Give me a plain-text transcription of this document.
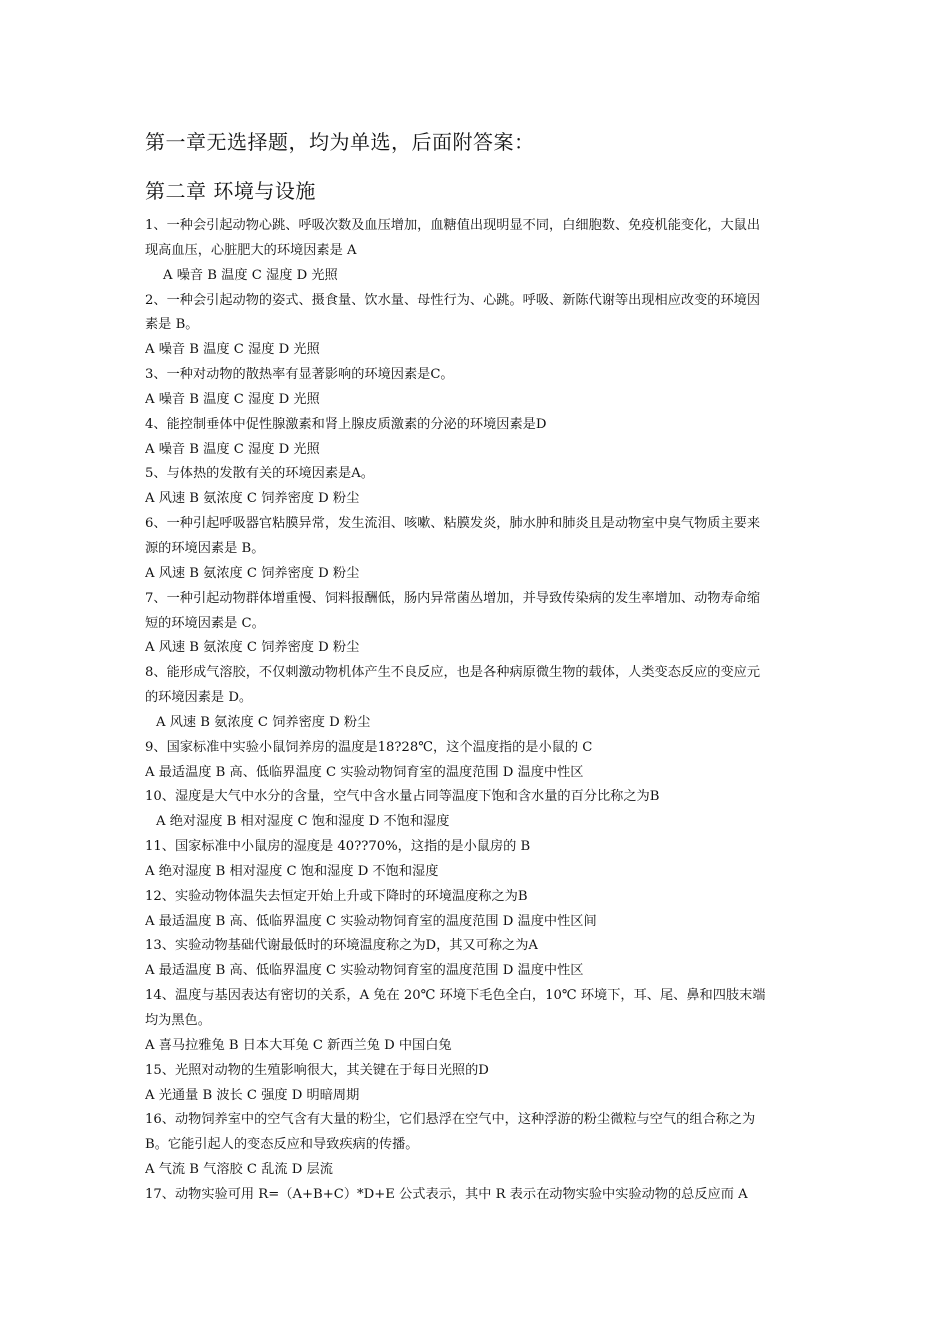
第一章无选择题，均为单选，后面附答案：
第二章 环境与设施
1、一种会引起动物心跳、呼吸次数及血压增加，血糖值出现明显不同，白细胞数、免疫机能变化，大鼠出
现高血压，心脏肥大的环境因素是 A
A 噪音 B 温度 C 湿度 D 光照
2、一种会引起动物的姿式、摄食量、饮水量、母性行为、心跳。呼吸、新陈代谢等出现相应改变的环境因
素是 B。
A 噪音 B 温度 C 湿度 D 光照
3、一种对动物的散热率有显著影响的环境因素是C。
A 噪音 B 温度 C 湿度 D 光照
4、能控制垂体中促性腺激素和肾上腺皮质激素的分泌的环境因素是D
A 噪音 B 温度 C 湿度 D 光照
5、与体热的发散有关的环境因素是A。
A 风速 B 氨浓度 C 饲养密度 D 粉尘
6、一种引起呼吸器官粘膜异常，发生流泪、咳嗽、粘膜发炎，肺水肿和肺炎且是动物室中臭气物质主要来
源的环境因素是 B。
A 风速 B 氨浓度 C 饲养密度 D 粉尘
7、一种引起动物群体增重慢、饲料报酬低，肠内异常菌丛增加，并导致传染病的发生率增加、动物寿命缩
短的环境因素是 C。
A 风速 B 氨浓度 C 饲养密度 D 粉尘
8、能形成气溶胶，不仅刺激动物机体产生不良反应，也是各种病原微生物的载体，人类变态反应的变应元
的环境因素是 D。
A 风速 B 氨浓度 C 饲养密度 D 粉尘
9、国家标准中实验小鼠饲养房的温度是18?28℃，这个温度指的是小鼠的 C
A 最适温度 B 高、低临界温度 C 实验动物饲育室的温度范围 D 温度中性区
10、湿度是大气中水分的含量，空气中含水量占同等温度下饱和含水量的百分比称之为B
A 绝对湿度 B 相对湿度 C 饱和湿度 D 不饱和湿度
11、国家标准中小鼠房的湿度是 40??70%，这指的是小鼠房的 B
A 绝对湿度 B 相对湿度 C 饱和湿度 D 不饱和湿度
12、实验动物体温失去恒定开始上升或下降时的环境温度称之为B
A 最适温度 B 高、低临界温度 C 实验动物饲育室的温度范围 D 温度中性区间
13、实验动物基础代谢最低时的环境温度称之为D，其又可称之为A
A 最适温度 B 高、低临界温度 C 实验动物饲育室的温度范围 D 温度中性区
14、温度与基因表达有密切的关系，A 兔在 20℃ 环境下毛色全白，10℃ 环境下，耳、尾、鼻和四肢末端
均为黑色。
A 喜马拉雅兔 B 日本大耳兔 C 新西兰兔 D 中国白兔
15、光照对动物的生殖影响很大，其关键在于每日光照的D
A 光通量 B 波长 C 强度 D 明暗周期
16、动物饲养室中的空气含有大量的粉尘，它们悬浮在空气中，这种浮游的粉尘微粒与空气的组合称之为
B。它能引起人的变态反应和导致疾病的传播。
A 气流 B 气溶胶 C 乱流 D 层流
17、动物实验可用 R=（A+B+C）*D+E 公式表示，其中 R 表示在动物实验中实验动物的总反应而 A
